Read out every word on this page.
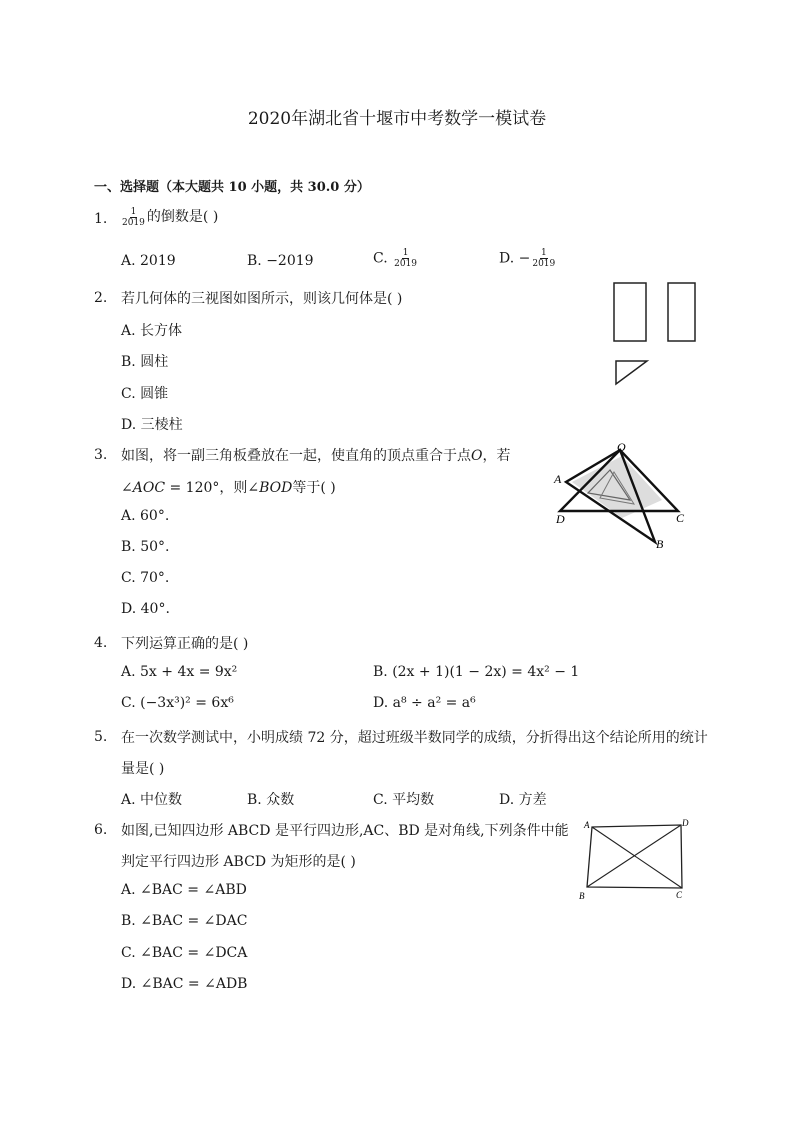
2020年湖北省十堰市中考数学一模试卷
一、选择题（本大题共 10 小题，共 30.0 分）
1. $\frac{1}{2019}$ 的倒数是( )
A. 2019	B. −2019	C. $\frac{1}{2019}$	D. − $\frac{1}{2019}$
2. 若几何体的三视图如图所示，则该几何体是( )
A. 长方体
B. 圆柱
C. 圆锥
D. 三棱柱
3. 如图，将一副三角板叠放在一起，使直角的顶点重合于点O，若
∠AOC = 120°，则∠BOD等于( )
A. 60°.
B. 50°.
C. 70°.
D. 40°.
O
A
D	C
B
4. 下列运算正确的是( )
A. 5x + 4x = 9x²	B. (2x + 1)(1 − 2x) = 4x² − 1
C. (−3x³)² = 6x⁶	D. a⁸ ÷ a² = a⁶
5. 在一次数学测试中，小明成绩 72 分，超过班级半数同学的成绩，分折得出这个结论所用的统计
量是( )
A. 中位数	B. 众数	C. 平均数	D. 方差
6. 如图,已知四边形 ABCD 是平行四边形,AC、BD 是对角线,下列条件中能
判定平行四边形 ABCD 为矩形的是( )
A. ∠BAC = ∠ABD
B. ∠BAC = ∠DAC
C. ∠BAC = ∠DCA
D. ∠BAC = ∠ADB
A	D
B	C
